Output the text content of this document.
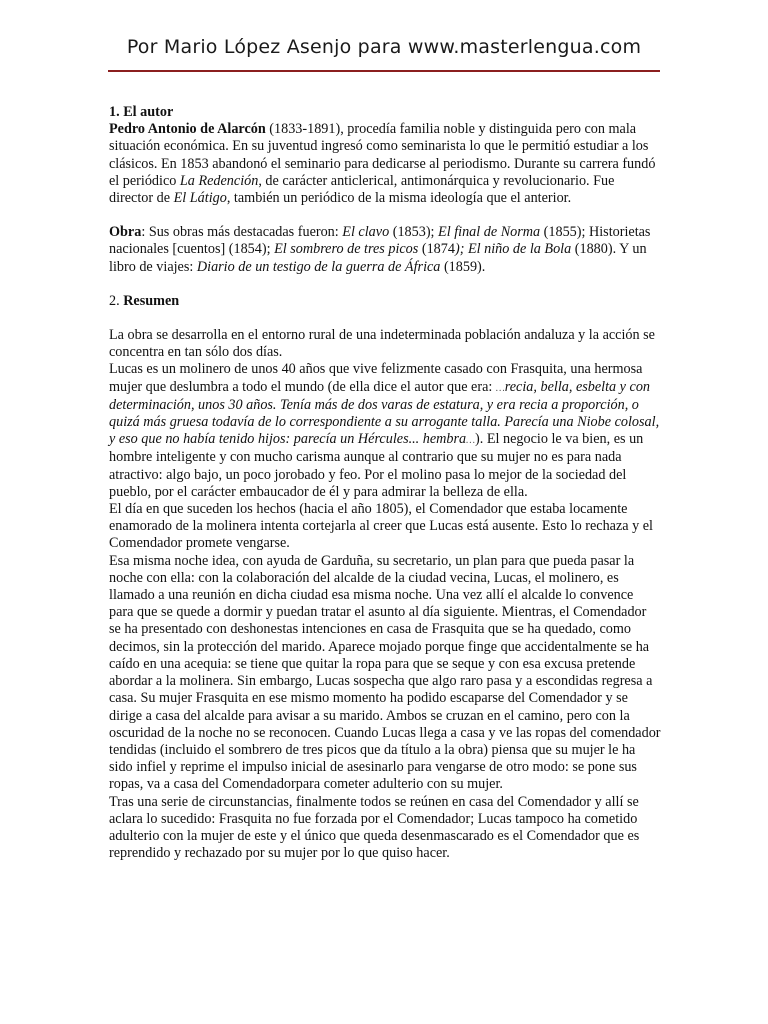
Por Mario López Asenjo para www.masterlengua.com

1. El autor

Pedro Antonio de Alarcón (1833-1891), procedía familia noble y distinguida pero con mala situación económica. En su juventud ingresó como seminarista lo que le permitió estudiar a los clásicos. En 1853 abandonó el seminario para dedicarse al periodismo. Durante su carrera fundó el periódico La Redención, de carácter anticlerical, antimonárquica y revolucionario. Fue director de El Látigo, también un periódico de la misma ideología que el anterior.

Obra: Sus obras más destacadas fueron: El clavo (1853); El final de Norma (1855); Historietas nacionales [cuentos] (1854); El sombrero de tres picos (1874); El niño de la Bola (1880). Y un libro de viajes: Diario de un testigo de la guerra de África (1859).

2. Resumen

La obra se desarrolla en el entorno rural de una indeterminada población andaluza y la acción se concentra en tan sólo dos días.

Lucas es un molinero de unos 40 años que vive felizmente casado con Frasquita, una hermosa mujer que deslumbra a todo el mundo (de ella dice el autor que era: …recia, bella, esbelta y con determinación, unos 30 años. Tenía más de dos varas de estatura, y era recia a proporción, o quizá más gruesa todavía de lo correspondiente a su arrogante talla. Parecía una Niobe colosal, y eso que no había tenido hijos: parecía un Hércules... hembra…). El negocio le va bien, es un hombre inteligente y con mucho carisma aunque al contrario que su mujer no es para nada atractivo: algo bajo, un poco jorobado y feo. Por el molino pasa lo mejor de la sociedad del pueblo, por el carácter embaucador de él y para admirar la belleza de ella.

El día en que suceden los hechos (hacia el año 1805), el Comendador que estaba locamente enamorado de la molinera intenta cortejarla al creer que Lucas está ausente. Esto lo rechaza y el Comendador promete vengarse.

Esa misma noche idea, con ayuda de Garduña, su secretario, un plan para que pueda pasar la noche con ella: con la colaboración del alcalde de la ciudad vecina, Lucas, el molinero, es llamado a una reunión en dicha ciudad esa misma noche. Una vez allí el alcalde lo convence para que se quede a dormir y puedan tratar el asunto al día siguiente. Mientras, el Comendador se ha presentado con deshonestas intenciones en casa de Frasquita que se ha quedado, como decimos, sin la protección del marido. Aparece mojado porque finge que accidentalmente se ha caído en una acequia: se tiene que quitar la ropa para que se seque y con esa excusa pretende abordar a la molinera. Sin embargo, Lucas sospecha que algo raro pasa y a escondidas regresa a casa. Su mujer Frasquita en ese mismo momento ha podido escaparse del Comendador y se dirige a casa del alcalde para avisar a su marido. Ambos se cruzan en el camino, pero con la oscuridad de la noche no se reconocen. Cuando Lucas llega a casa y ve las ropas del comendador tendidas (incluido el sombrero de tres picos que da título a la obra) piensa que su mujer le ha sido infiel y reprime el impulso inicial de asesinarlo para vengarse de otro modo: se pone sus ropas, va a casa del Comendadorpara cometer adulterio con su mujer.

Tras una serie de circunstancias, finalmente todos se reúnen en casa del Comendador y allí se aclara lo sucedido: Frasquita no fue forzada por el Comendador; Lucas tampoco ha cometido adulterio con la mujer de este y el único que queda desenmascarado es el Comendador que es reprendido y rechazado por su mujer por lo que quiso hacer.
